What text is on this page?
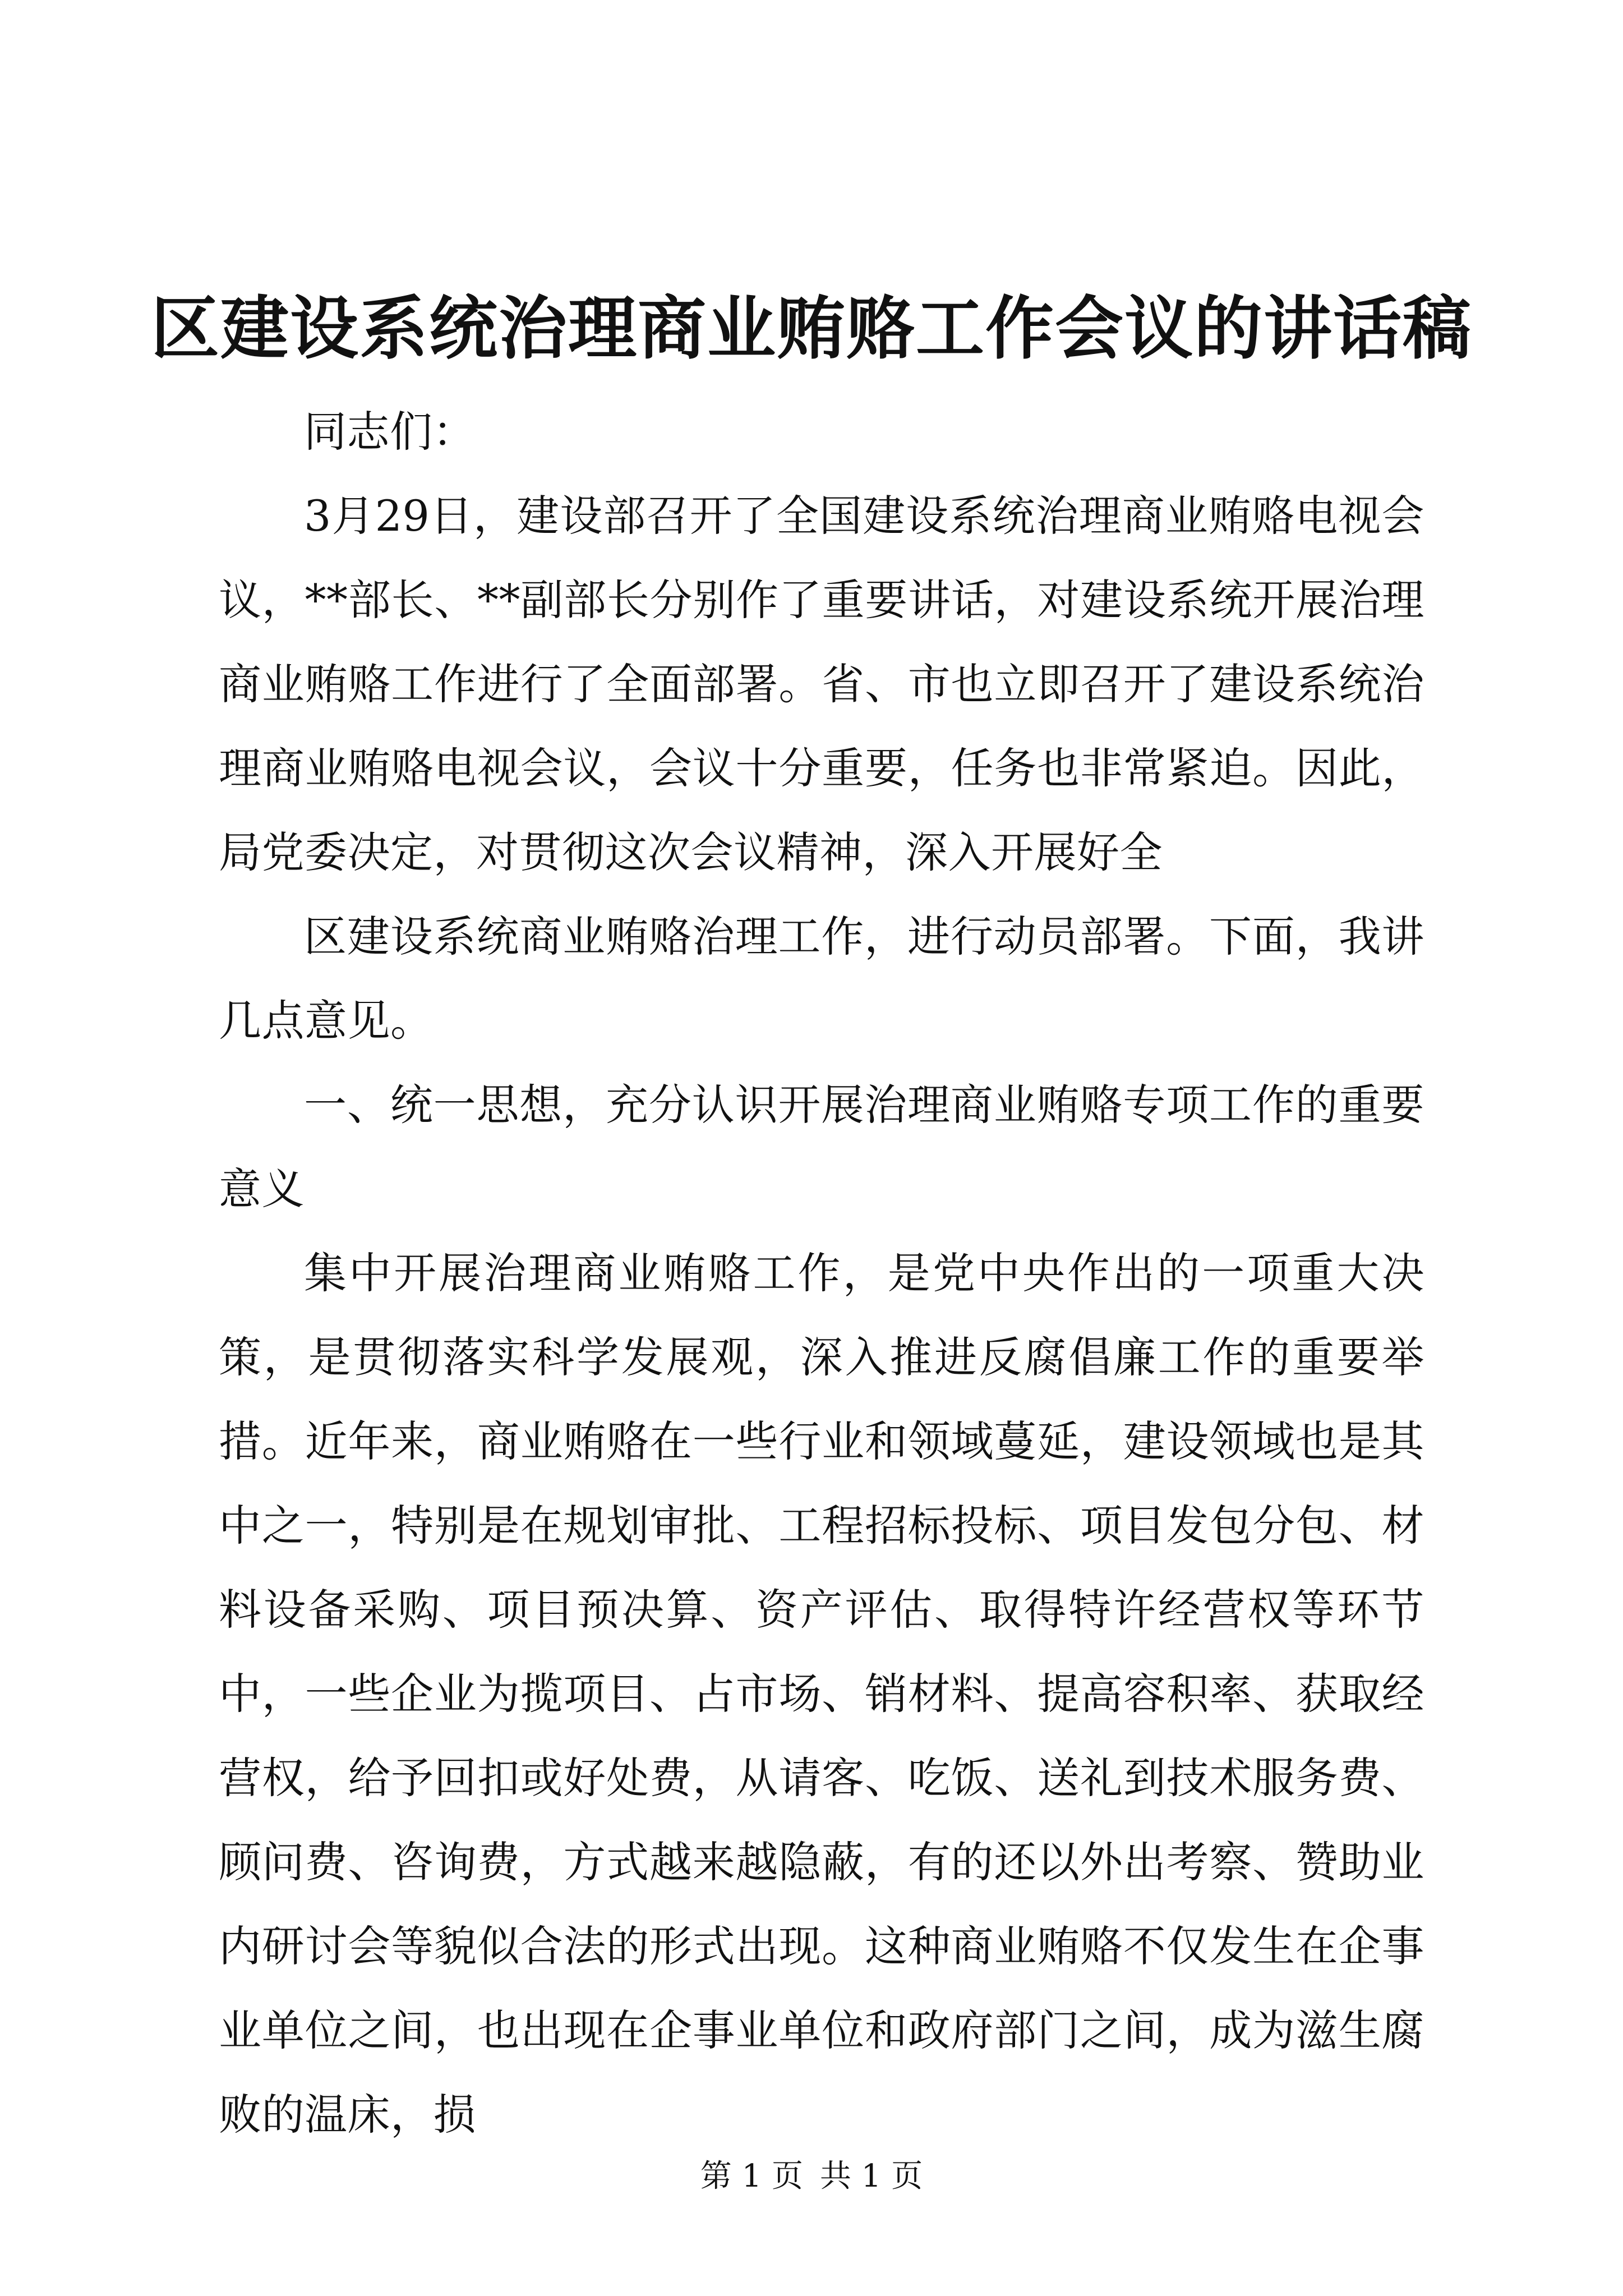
区建设系统治理商业贿赂工作会议的讲话稿

同志们：

3月29日，建设部召开了全国建设系统治理商业贿赂电视会议，**部长、**副部长分别作了重要讲话，对建设系统开展治理商业贿赂工作进行了全面部署。省、市也立即召开了建设系统治理商业贿赂电视会议，会议十分重要，任务也非常紧迫。因此，局党委决定，对贯彻这次会议精神，深入开展好全

区建设系统商业贿赂治理工作，进行动员部署。下面，我讲几点意见。

一、统一思想，充分认识开展治理商业贿赂专项工作的重要意义

集中开展治理商业贿赂工作，是党中央作出的一项重大决策，是贯彻落实科学发展观，深入推进反腐倡廉工作的重要举措。近年来，商业贿赂在一些行业和领域蔓延，建设领域也是其中之一，特别是在规划审批、工程招标投标、项目发包分包、材料设备采购、项目预决算、资产评估、取得特许经营权等环节中，一些企业为揽项目、占市场、销材料、提高容积率、获取经营权，给予回扣或好处费，从请客、吃饭、送礼到技术服务费、顾问费、咨询费，方式越来越隐蔽，有的还以外出考察、赞助业内研讨会等貌似合法的形式出现。这种商业贿赂不仅发生在企事业单位之间，也出现在企事业单位和政府部门之间，成为滋生腐败的温床，损

第 1 页 共 1 页
